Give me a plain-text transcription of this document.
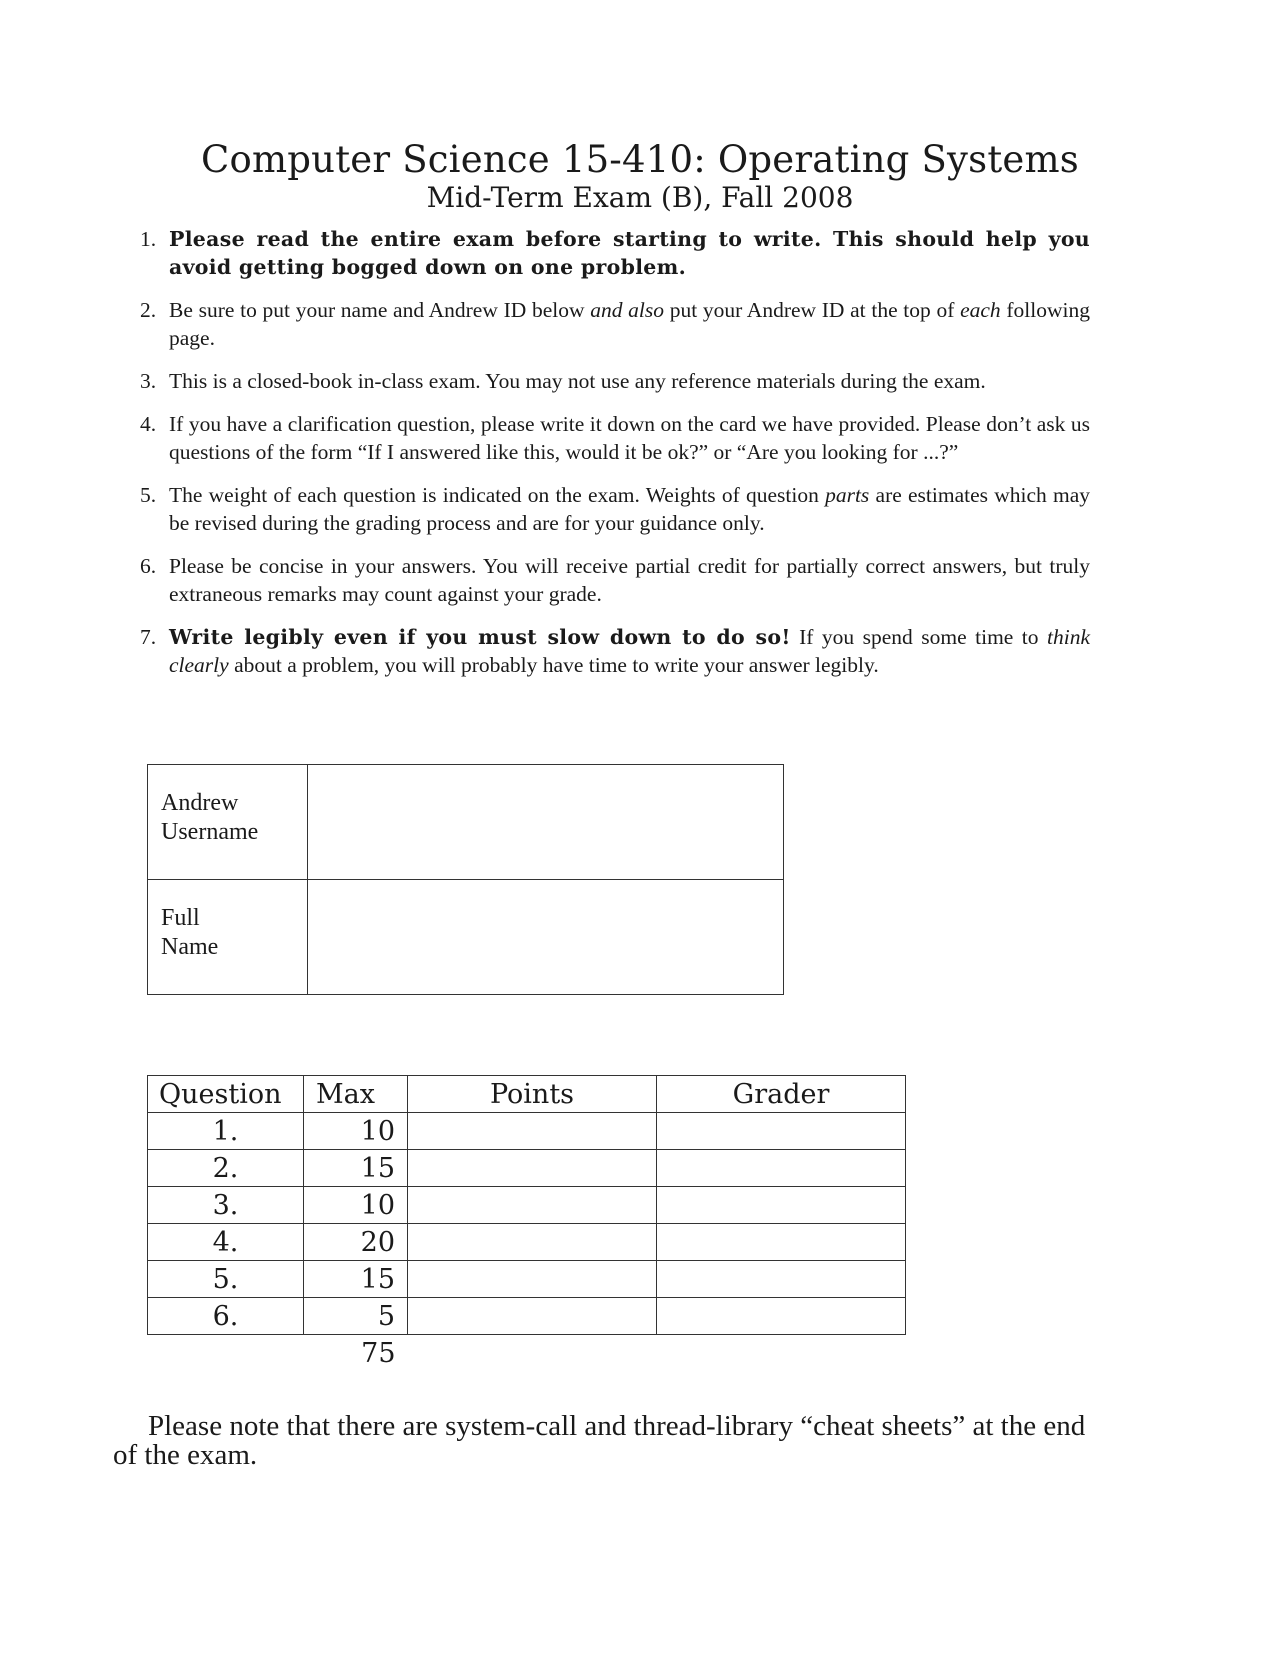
Computer Science 15-410: Operating Systems
Mid-Term Exam (B), Fall 2008
1. Please read the entire exam before starting to write. This should help you avoid getting bogged down on one problem.
2. Be sure to put your name and Andrew ID below and also put your Andrew ID at the top of each following page.
3. This is a closed-book in-class exam. You may not use any reference materials during the exam.
4. If you have a clarification question, please write it down on the card we have provided. Please don’t ask us questions of the form “If I answered like this, would it be ok?” or “Are you looking for ...?”
5. The weight of each question is indicated on the exam. Weights of question parts are estimates which may be revised during the grading process and are for your guidance only.
6. Please be concise in your answers. You will receive partial credit for partially correct answers, but truly extraneous remarks may count against your grade.
7. Write legibly even if you must slow down to do so! If you spend some time to think clearly about a problem, you will probably have time to write your answer legibly.
Andrew
Username	

Full
Name	

Question	Max	Points	Grader
1.	10		
2.	15		
3.	10		
4.	20		
5.	15		
6.	5		
	75		
Please note that there are system-call and thread-library “cheat sheets” at the end of the exam.
